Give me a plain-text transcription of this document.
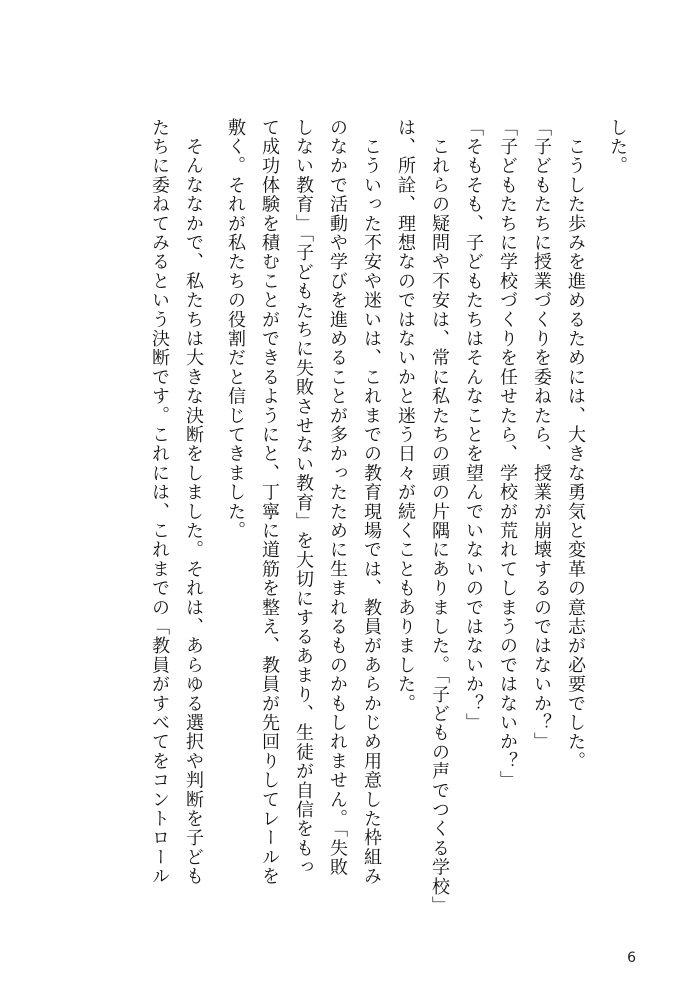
した。
　こうした歩みを進めるためには、大きな勇気と変革の意志が必要でした。
「子どもたちに授業づくりを委ねたら、授業が崩壊するのではないか？」
「子どもたちに学校づくりを任せたら、学校が荒れてしまうのではないか？」
「そもそも、子どもたちはそんなことを望んでいないのではないか？」
　これらの疑問や不安は、常に私たちの頭の片隅にありました。「子どもの声でつくる学校」
は、所詮、理想なのではないかと迷う日々が続くこともありました。
　こういった不安や迷いは、これまでの教育現場では、教員があらかじめ用意した枠組み
のなかで活動や学びを進めることが多かったために生まれるものかもしれません。「失敗
しない教育」「子どもたちに失敗させない教育」を大切にするあまり、生徒が自信をもっ
て成功体験を積むことができるようにと、丁寧に道筋を整え、教員が先回りしてレールを
敷く。それが私たちの役割だと信じてきました。
　そんななかで、私たちは大きな決断をしました。それは、あらゆる選択や判断を子ども
たちに委ねてみるという決断です。これには、これまでの「教員がすべてをコントロール
6
